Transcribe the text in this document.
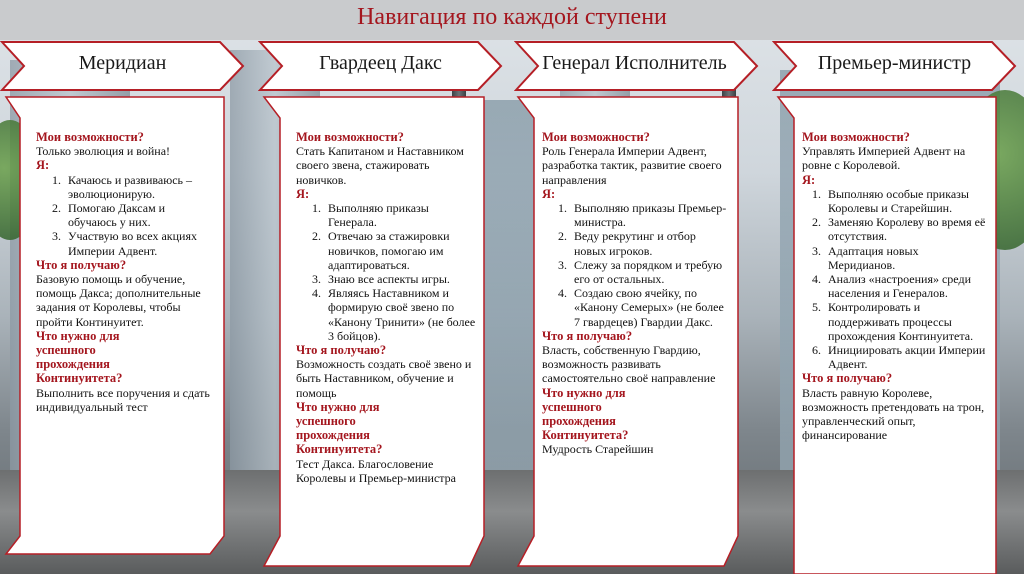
Навигация по каждой ступени
Меридиан	Гвардеец Дакс	Генерал Исполнитель	Премьер-министр
Мои возможности?

Только эволюция и война!

Я:
1. Качаюсь и развиваюсь – эволюционирую.
2. Помогаю Даксам и обучаюсь у них.
3. Участвую во всех акциях Империи Адвент.
Что я получаю?

Базовую помощь и обучение, помощь Дакса; дополнительные задания от Королевы, чтобы пройти Континуитет.

Что нужно для успешного прохождения Континуитета?

Выполнить все поручения и сдать индивидуальный тест

Мои возможности?

Стать Капитаном и Наставником своего звена, стажировать новичков.

Я:
1. Выполняю приказы Генерала.
2. Отвечаю за стажировки новичков, помогаю им адаптироваться.
3. Знаю все аспекты игры.
4. Являясь Наставником и формирую своё звено по «Канону Тринити» (не более 3 бойцов).
Что я получаю?

Возможность создать своё звено и быть Наставником, обучение и помощь

Что нужно для успешного прохождения Континуитета?

Тест Дакса. Благословение Королевы и Премьер-министра

Мои возможности?

Роль Генерала Империи Адвент, разработка тактик, развитие своего направления

Я:
1. Выполняю приказы Премьер-министра.
2. Веду рекрутинг и отбор новых игроков.
3. Слежу за порядком и требую его от остальных.
4. Создаю свою ячейку, по «Канону Семерых» (не более 7 гвардецев) Гвардии Дакс.
Что я получаю?

Власть, собственную Гвардию, возможность развивать самостоятельно своё направление

Что нужно для успешного прохождения Континуитета?

Мудрость Старейшин

Мои возможности?

Управлять Империей Адвент на ровне с Королевой.

Я:
1. Выполняю особые приказы Королевы и Старейшин.
2. Заменяю Королеву во время её отсутствия.
3. Адаптация новых Меридианов.
4. Анализ «настроения» среди населения и Генералов.
5. Контролировать и поддерживать процессы прохождения Континуитета.
6. Инициировать акции Империи Адвент.
Что я получаю?

Власть равную Королеве, возможность претендовать на трон, управленческий опыт, финансирование
